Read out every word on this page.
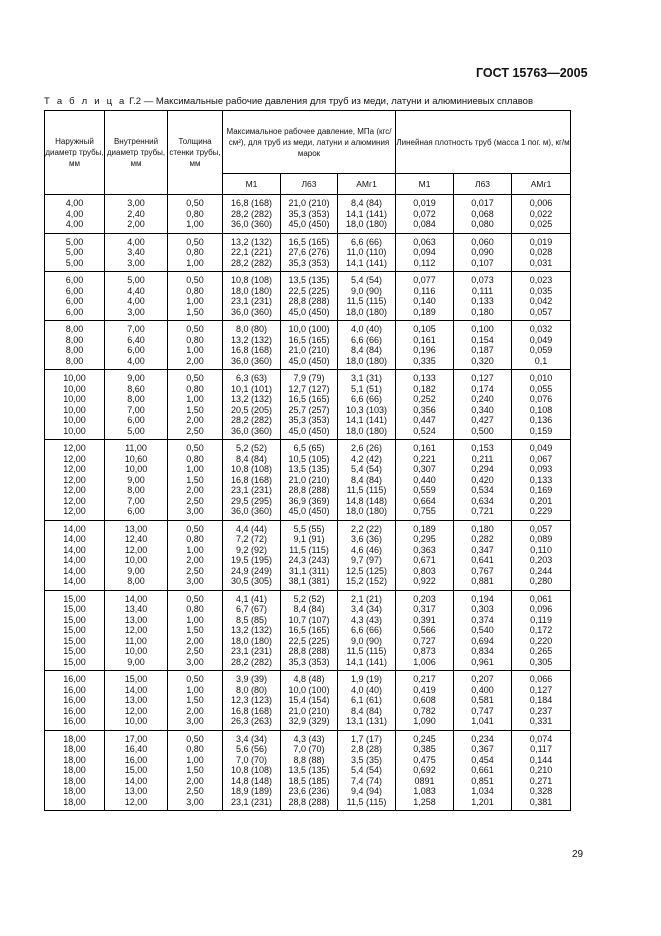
ГОСТ 15763—2005
Т а б л и ц а Г.2 — Максимальные рабочие давления для труб из меди, латуни и алюминиевых сплавов
Наружный диаметр трубы, мм	Внутренний диаметр трубы, мм	Толщина стенки трубы, мм	Максимальное рабочее давление, МПа (кгс/см²), для труб из меди, латуни и алюминия марок			Линейная плотность труб (масса 1 пог. м), кг/м		
			М1	Л63	АМг1	М1	Л63	АМг1
4,00	3,00	0,50	16,8 (168)	21,0 (210)	8,4 (84)	0,019	0,017	0,006
4,00	2,40	0,80	28,2 (282)	35,3 (353)	14,1 (141)	0,072	0,068	0,022
4,00	2,00	1,00	36,0 (360)	45,0 (450)	18,0 (180)	0,084	0,080	0,025
5,00	4,00	0,50	13,2 (132)	16,5 (165)	6,6 (66)	0,063	0,060	0,019
5,00	3,40	0,80	22,1 (221)	27,6 (276)	11,0 (110)	0,094	0,090	0,028
5,00	3,00	1,00	28,2 (282)	35,3 (353)	14,1 (141)	0,112	0,107	0,031
6,00	5,00	0,50	10,8 (108)	13,5 (135)	5,4 (54)	0,077	0,073	0,023
6,00	4,40	0,80	18,0 (180)	22,5 (225)	9,0 (90)	0,116	0,111	0,035
6,00	4,00	1,00	23,1 (231)	28,8 (288)	11,5 (115)	0,140	0,133	0,042
6,00	3,00	1,50	36,0 (360)	45,0 (450)	18,0 (180)	0,189	0,180	0,057
8,00	7,00	0,50	8,0 (80)	10,0 (100)	4,0 (40)	0,105	0,100	0,032
8,00	6,40	0,80	13,2 (132)	16,5 (165)	6,6 (66)	0,161	0,154	0,049
8,00	6,00	1,00	16,8 (168)	21,0 (210)	8,4 (84)	0,196	0,187	0,059
8,00	4,00	2,00	36,0 (360)	45,0 (450)	18,0 (180)	0,335	0,320	0,1
10,00	9,00	0,50	6,3 (63)	7,9 (79)	3,1 (31)	0,133	0,127	0,010
10,00	8,60	0,80	10,1 (101)	12,7 (127)	5,1 (51)	0,182	0,174	0,055
10,00	8,00	1,00	13,2 (132)	16,5 (165)	6,6 (66)	0,252	0,240	0,076
10,00	7,00	1,50	20,5 (205)	25,7 (257)	10,3 (103)	0,356	0,340	0,108
10,00	6,00	2,00	28,2 (282)	35,3 (353)	14,1 (141)	0,447	0,427	0,136
10,00	5,00	2,50	36,0 (360)	45,0 (450)	18,0 (180)	0,524	0,500	0,159
12,00	11,00	0,50	5,2 (52)	6,5 (65)	2,6 (26)	0,161	0,153	0,049
12,00	10,60	0,80	8,4 (84)	10,5 (105)	4,2 (42)	0,221	0,211	0,067
12,00	10,00	1,00	10,8 (108)	13,5 (135)	5,4 (54)	0,307	0,294	0,093
12,00	9,00	1,50	16,8 (168)	21,0 (210)	8,4 (84)	0,440	0,420	0,133
12,00	8,00	2,00	23,1 (231)	28,8 (288)	11,5 (115)	0,559	0,534	0,169
12,00	7,00	2,50	29,5 (295)	36,9 (369)	14,8 (148)	0,664	0,634	0,201
12,00	6,00	3,00	36,0 (360)	45,0 (450)	18,0 (180)	0,755	0,721	0,229
14,00	13,00	0,50	4,4 (44)	5,5 (55)	2,2 (22)	0,189	0,180	0,057
14,00	12,40	0,80	7,2 (72)	9,1 (91)	3,6 (36)	0,295	0,282	0,089
14,00	12,00	1,00	9,2 (92)	11,5 (115)	4,6 (46)	0,363	0,347	0,110
14,00	10,00	2,00	19,5 (195)	24,3 (243)	9,7 (97)	0,671	0,641	0,203
14,00	9,00	2,50	24,9 (249)	31,1 (311)	12,5 (125)	0,803	0,767	0,244
14,00	8,00	3,00	30,5 (305)	38,1 (381)	15,2 (152)	0,922	0,881	0,280
15,00	14,00	0,50	4,1 (41)	5,2 (52)	2,1 (21)	0,203	0,194	0,061
15,00	13,40	0,80	6,7 (67)	8,4 (84)	3,4 (34)	0,317	0,303	0,096
15,00	13,00	1,00	8,5 (85)	10,7 (107)	4,3 (43)	0,391	0,374	0,119
15,00	12,00	1,50	13,2 (132)	16,5 (165)	6,6 (66)	0,566	0,540	0,172
15,00	11,00	2,00	18,0 (180)	22,5 (225)	9,0 (90)	0,727	0,694	0,220
15,00	10,00	2,50	23,1 (231)	28,8 (288)	11,5 (115)	0,873	0,834	0,265
15,00	9,00	3,00	28,2 (282)	35,3 (353)	14,1 (141)	1,006	0,961	0,305
16,00	15,00	0,50	3,9 (39)	4,8 (48)	1,9 (19)	0,217	0,207	0,066
16,00	14,00	1,00	8,0 (80)	10,0 (100)	4,0 (40)	0,419	0,400	0,127
16,00	13,00	1,50	12,3 (123)	15,4 (154)	6,1 (61)	0,608	0,581	0,184
16,00	12,00	2,00	16,8 (168)	21,0 (210)	8,4 (84)	0,782	0,747	0,237
16,00	10,00	3,00	26,3 (263)	32,9 (329)	13,1 (131)	1,090	1,041	0,331
18,00	17,00	0,50	3,4 (34)	4,3 (43)	1,7 (17)	0,245	0,234	0,074
18,00	16,40	0,80	5,6 (56)	7,0 (70)	2,8 (28)	0,385	0,367	0,117
18,00	16,00	1,00	7,0 (70)	8,8 (88)	3,5 (35)	0,475	0,454	0,144
18,00	15,00	1,50	10,8 (108)	13,5 (135)	5,4 (54)	0,692	0,661	0,210
18,00	14,00	2,00	14,8 (148)	18,5 (185)	7,4 (74)	0891	0,851	0,271
18,00	13,00	2,50	18,9 (189)	23,6 (236)	9,4 (94)	1,083	1,034	0,328
18,00	12,00	3,00	23,1 (231)	28,8 (288)	11,5 (115)	1,258	1,201	0,381
29
